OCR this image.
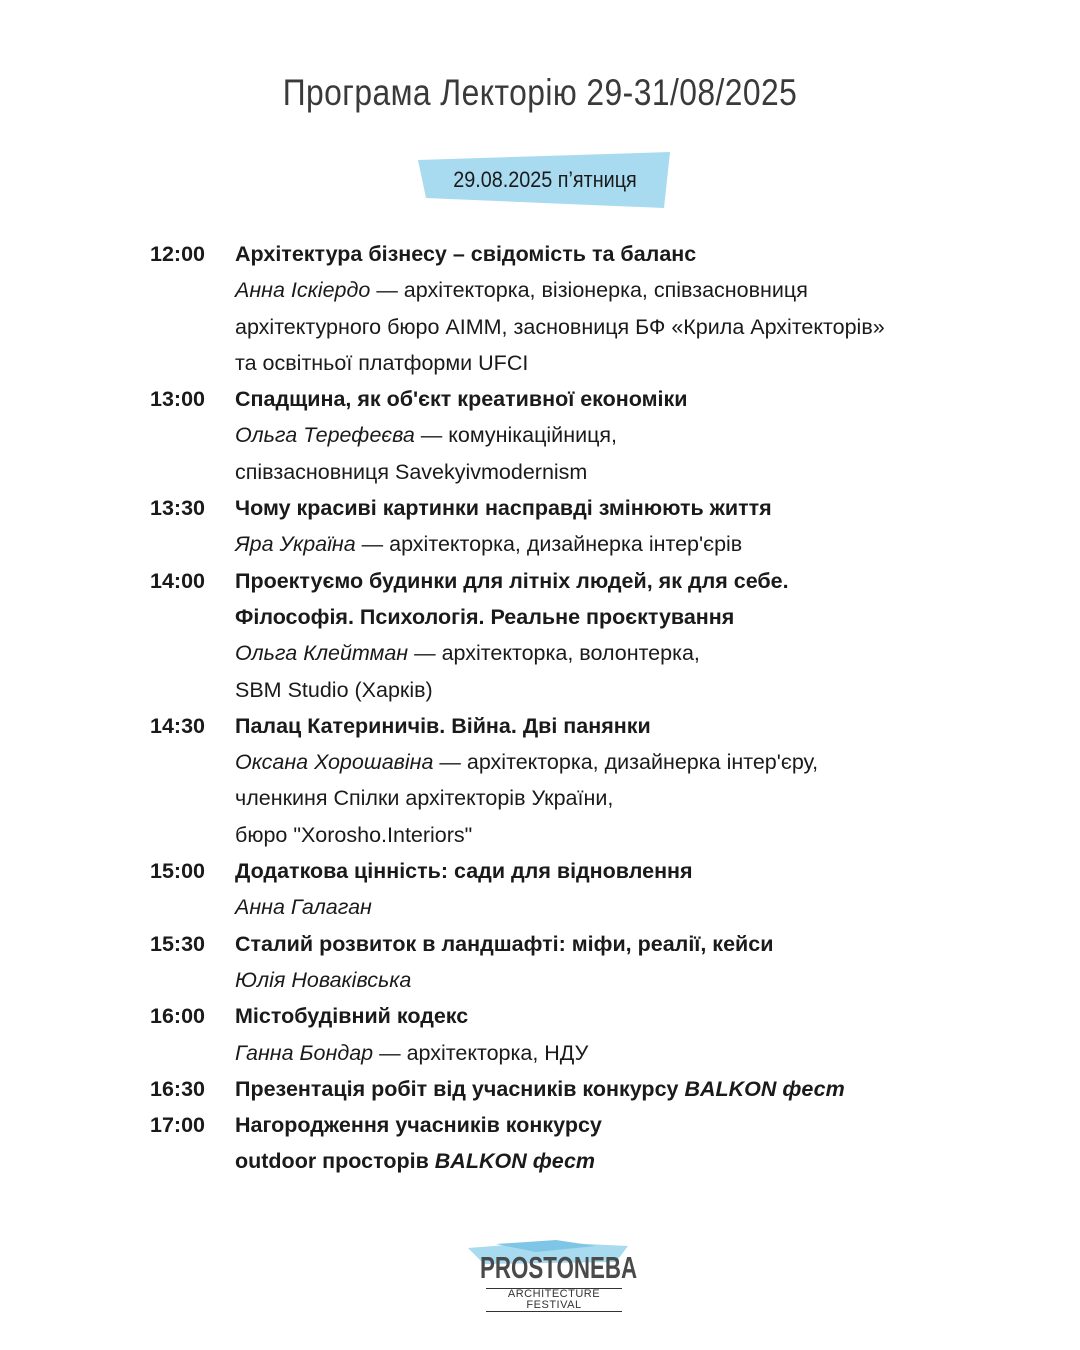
Програма Лекторію 29-31/08/2025
29.08.2025 п’ятниця
12:00	Архітектура бізнесу – свідомість та баланс
Анна Іскіердо — архітекторка, візіонерка, співзасновниця
архітектурного бюро AIMM, засновниця БФ «Крила Архітекторів»
та освітньої платформи UFCI
13:00	Спадщина, як об'єкт креативної економіки
Ольга Терефеєва — комунікаційниця,
співзасновниця Savekyivmodernism
13:30	Чому красиві картинки насправді змінюють життя
Яра Україна — архітекторка, дизайнерка інтер'єрів
14:00	Проектуємо будинки для літніх людей, як для себе.
Філософія. Психологія. Реальне проєктування
Ольга Клейтман — архітекторка, волонтерка,
SBM Studio (Харків)
14:30	Палац Катериничів. Війна. Дві панянки
Оксана Хорошавіна — архітекторка, дизайнерка інтер'єру,
членкиня Спілки архітекторів України,
бюро "Xorosho.Interiors"
15:00	Додаткова цінність: сади для відновлення
Анна Галаган
15:30	Сталий розвиток в ландшафті: міфи, реалії, кейси
Юлія Новаківська
16:00	Містобудівний кодекс
Ганна Бондар — архітекторка, НДУ
16:30	Презентація робіт від учасників конкурсу BALKON фест
17:00	Нагородження учасників конкурсу
outdoor просторів BALKON фест
PROSTONEBA
ARCHITECTURE FESTIVAL
